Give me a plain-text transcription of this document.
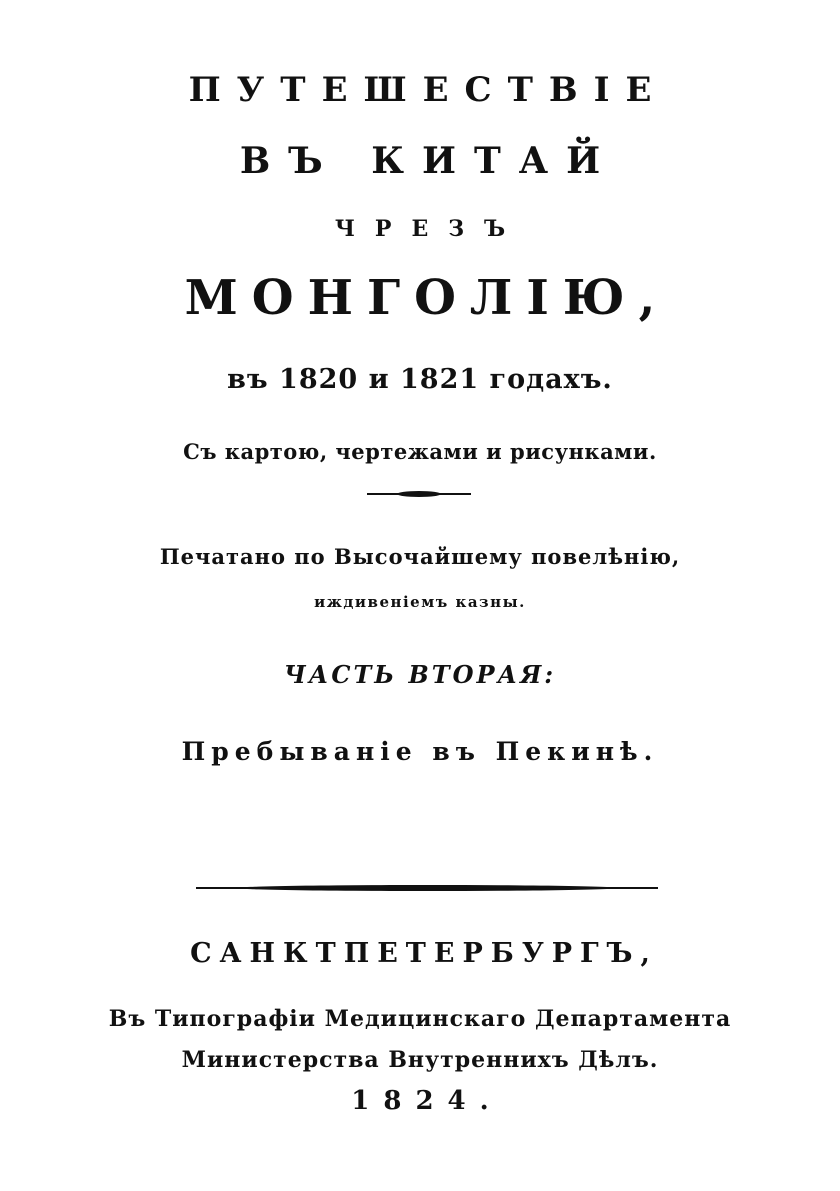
ПУТЕШЕСТВІЕ
ВЪ КИТАЙ
ЧРЕЗЪ
МОНГОЛІЮ,
въ 1820 и 1821 годахъ.
Съ картою, чертежами и рисунками.
Печатано по Высочайшему повелѣнію,
иждивеніемъ казны.
ЧАСТЬ ВТОРАЯ:
Пребываніе въ Пекинѣ.
САНКТПЕТЕРБУРГЪ,
Въ Типографіи Медицинскаго Департамента
Министерства Внутреннихъ Дѣлъ.
1824.
